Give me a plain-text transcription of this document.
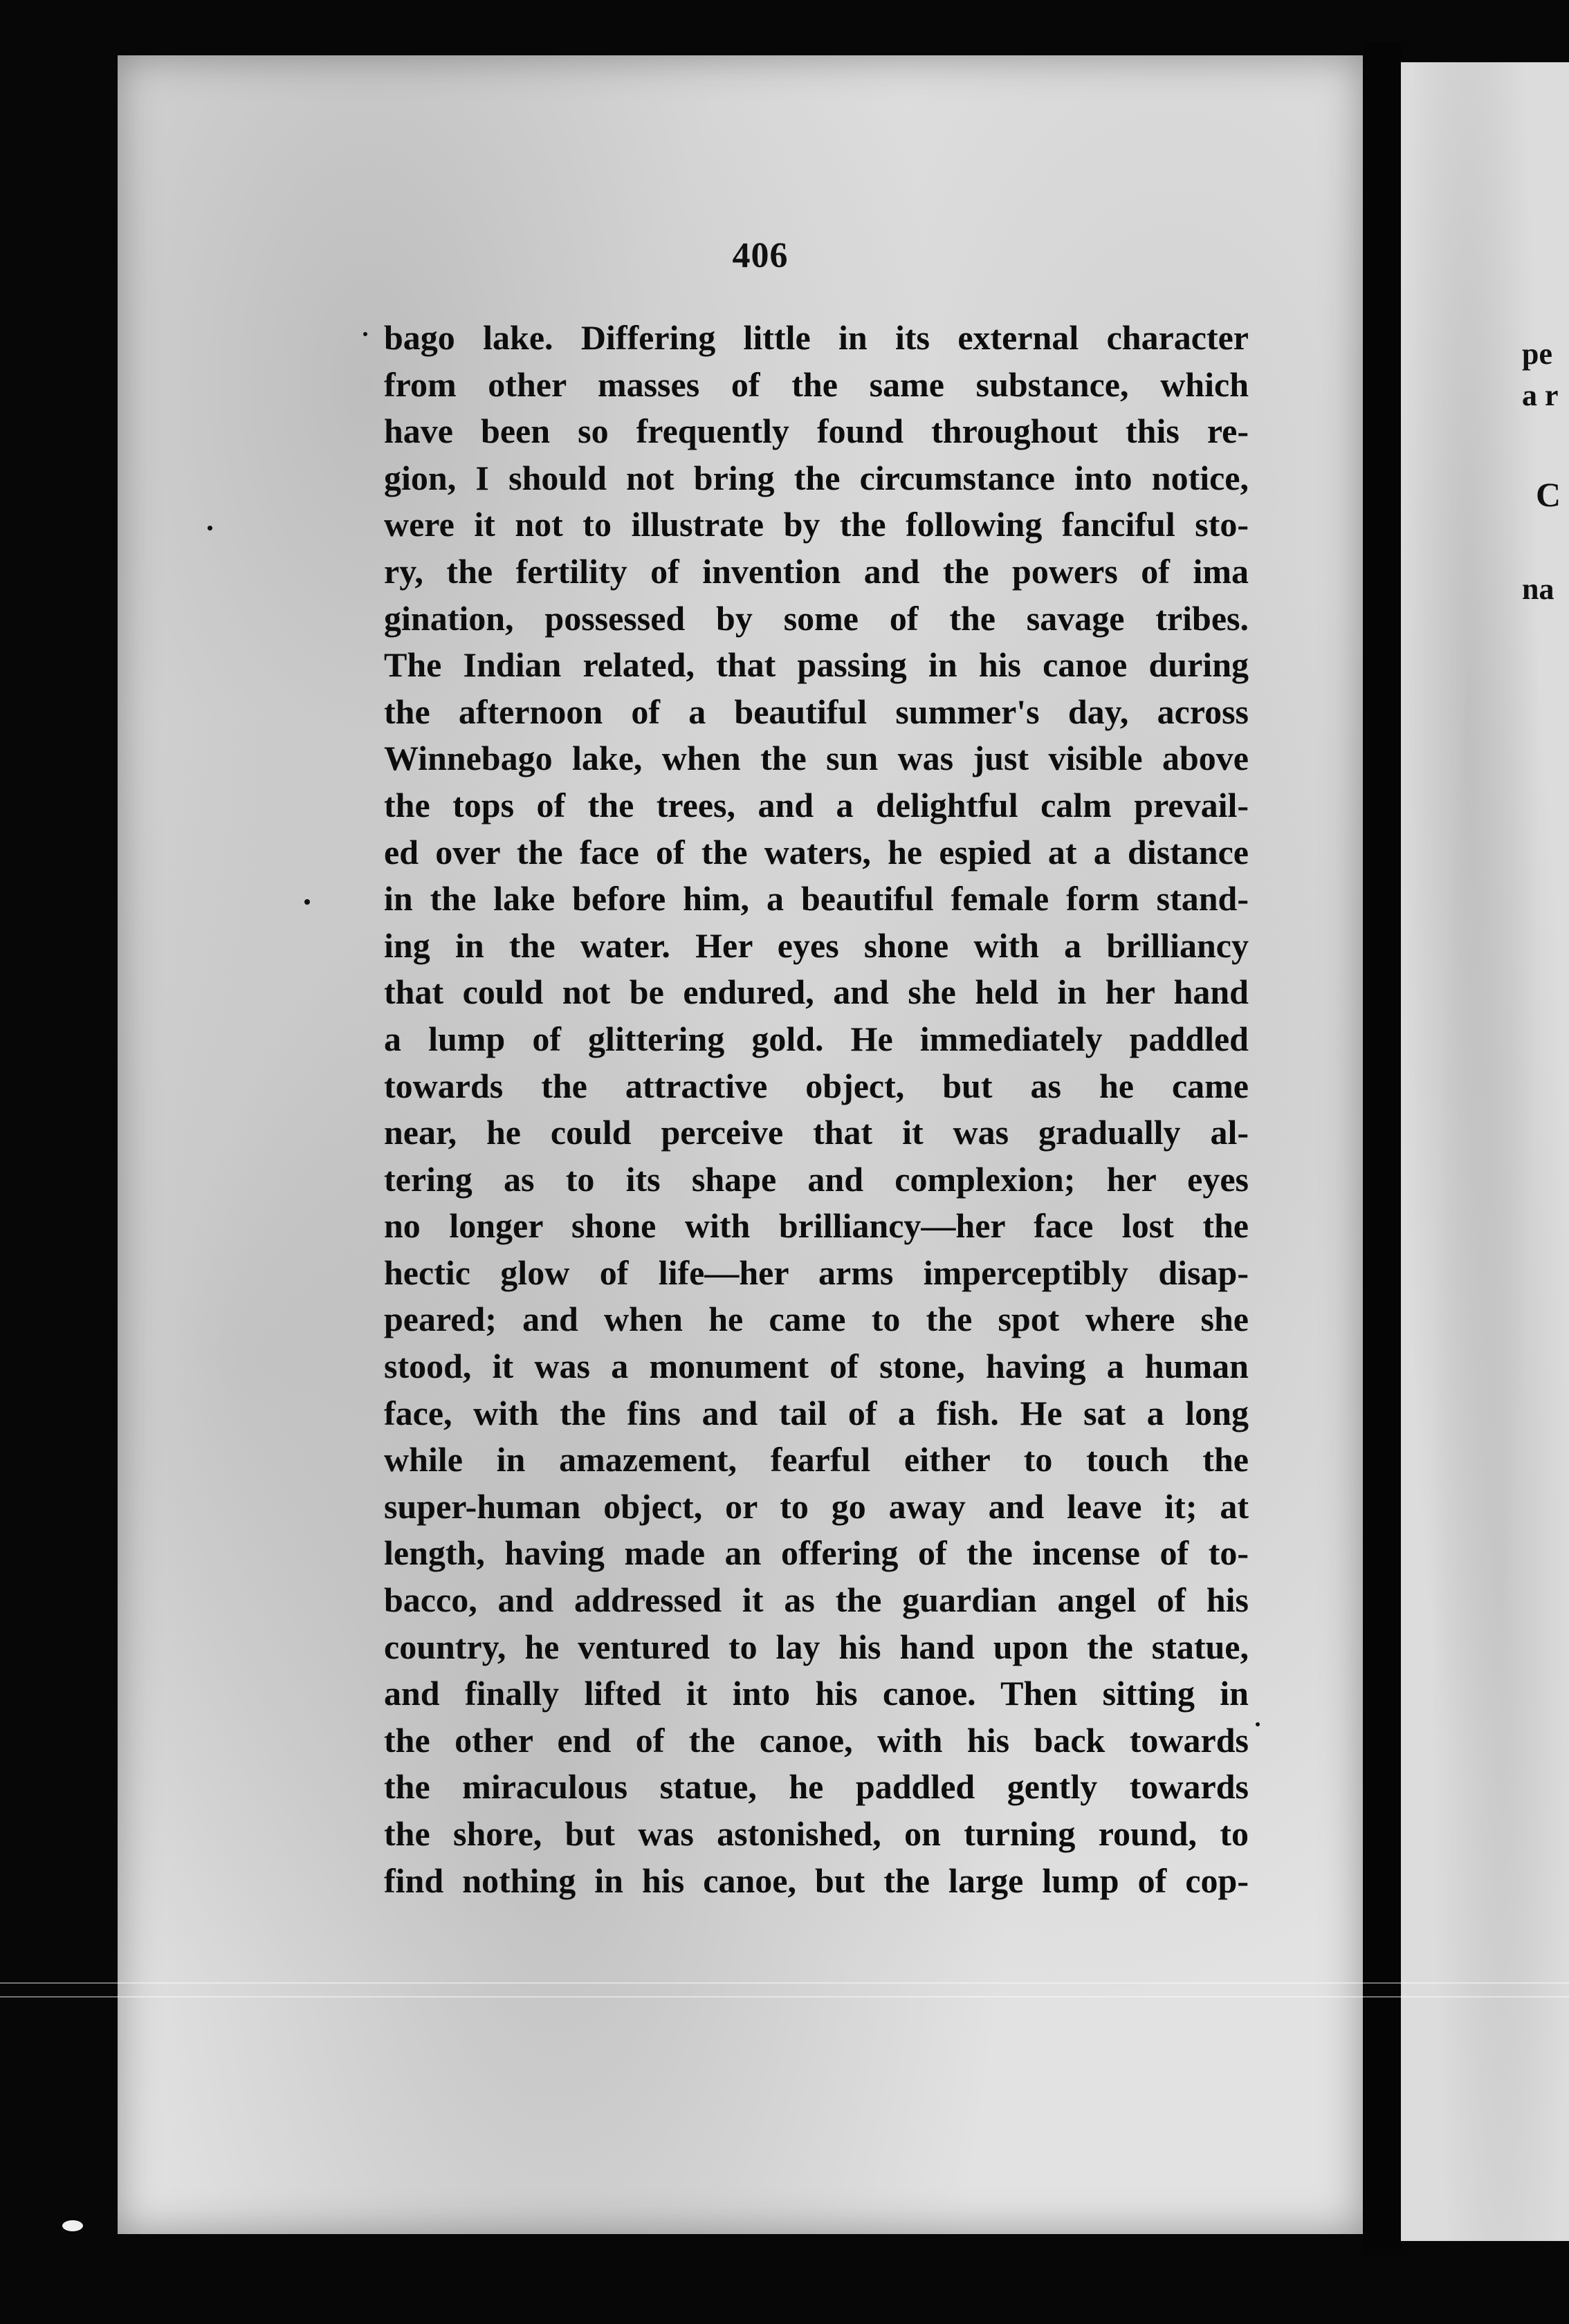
pe
a r
C
na
406
bago lake. Differing little in its external character
from other masses of the same substance, which
have been so frequently found throughout this re-
gion, I should not bring the circumstance into notice,
were it not to illustrate by the following fanciful sto-
ry, the fertility of invention and the powers of ima
gination, possessed by some of the savage tribes.
The Indian related, that passing in his canoe during
the afternoon of a beautiful summer's day, across
Winnebago lake, when the sun was just visible above
the tops of the trees, and a delightful calm prevail-
ed over the face of the waters, he espied at a distance
in the lake before him, a beautiful female form stand-
ing in the water. Her eyes shone with a brilliancy
that could not be endured, and she held in her hand
a lump of glittering gold. He immediately paddled
towards the attractive object, but as he came
near, he could perceive that it was gradually al-
tering as to its shape and complexion; her eyes
no longer shone with brilliancy—her face lost the
hectic glow of life—her arms imperceptibly disap-
peared; and when he came to the spot where she
stood, it was a monument of stone, having a human
face, with the fins and tail of a fish. He sat a long
while in amazement, fearful either to touch the
super-human object, or to go away and leave it; at
length, having made an offering of the incense of to-
bacco, and addressed it as the guardian angel of his
country, he ventured to lay his hand upon the statue,
and finally lifted it into his canoe. Then sitting in
the other end of the canoe, with his back towards
the miraculous statue, he paddled gently towards
the shore, but was astonished, on turning round, to
find nothing in his canoe, but the large lump of cop-
